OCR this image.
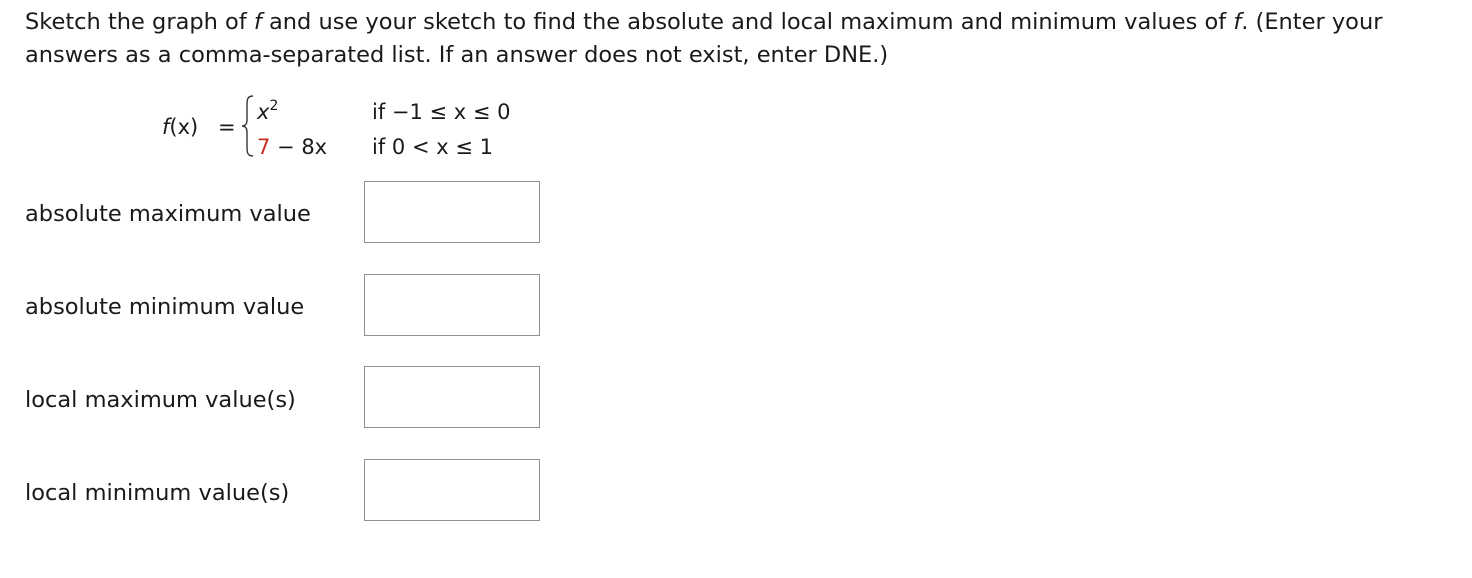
Sketch the graph of f and use your sketch to find the absolute and local maximum and minimum values of f. (Enter your answers as a comma-separated list. If an answer does not exist, enter DNE.)
f(x) =
$x^2$	if −1 ≤ x ≤ 0
7 − 8x if 0 < x ≤ 1
absolute maximum value
absolute minimum value
local maximum value(s)
local minimum value(s)
